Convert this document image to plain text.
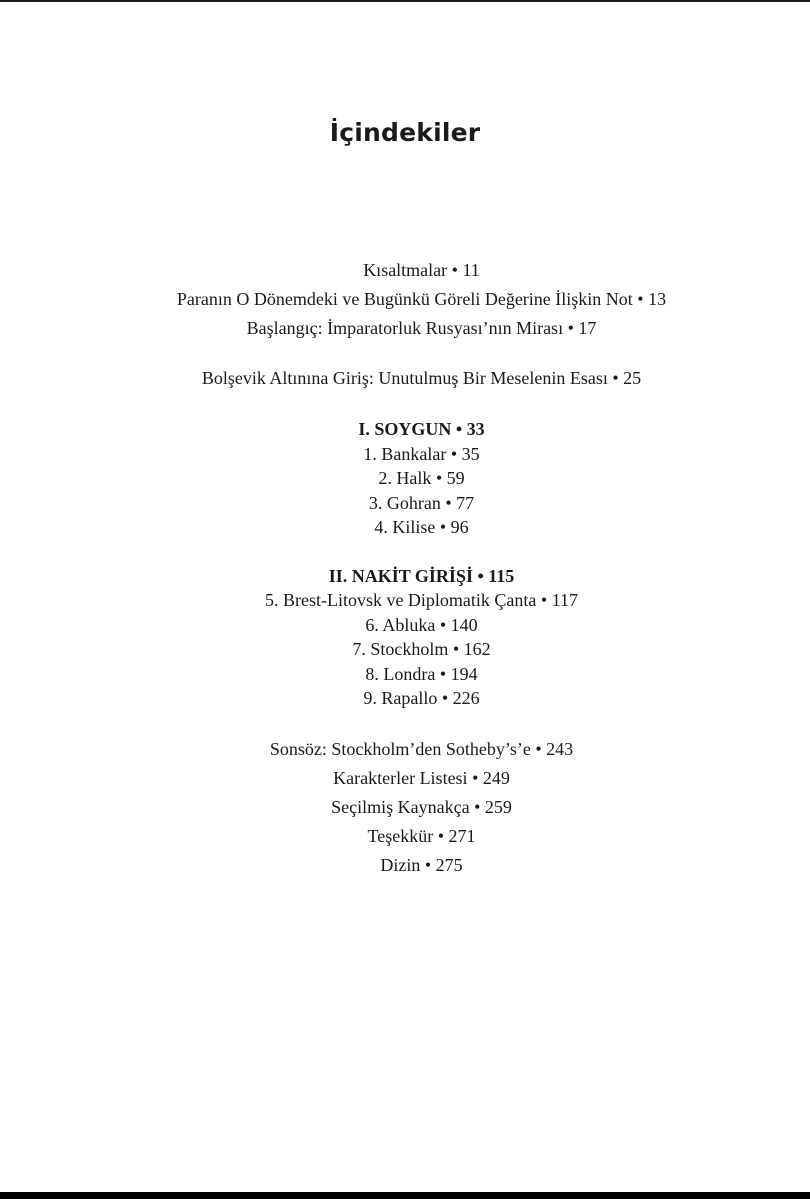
İçindekiler
Kısaltmalar • 11
Paranın O Dönemdeki ve Bugünkü Göreli Değerine İlişkin Not • 13
Başlangıç: İmparatorluk Rusyası’nın Mirası • 17
Bolşevik Altınına Giriş: Unutulmuş Bir Meselenin Esası • 25
I. SOYGUN • 33
1. Bankalar • 35
2. Halk • 59
3. Gohran • 77
4. Kilise • 96
II. NAKİT GİRİŞİ • 115
5. Brest-Litovsk ve Diplomatik Çanta • 117
6. Abluka • 140
7. Stockholm • 162
8. Londra • 194
9. Rapallo • 226
Sonsöz: Stockholm’den Sotheby’s’e • 243
Karakterler Listesi • 249
Seçilmiş Kaynakça • 259
Teşekkür • 271
Dizin • 275
